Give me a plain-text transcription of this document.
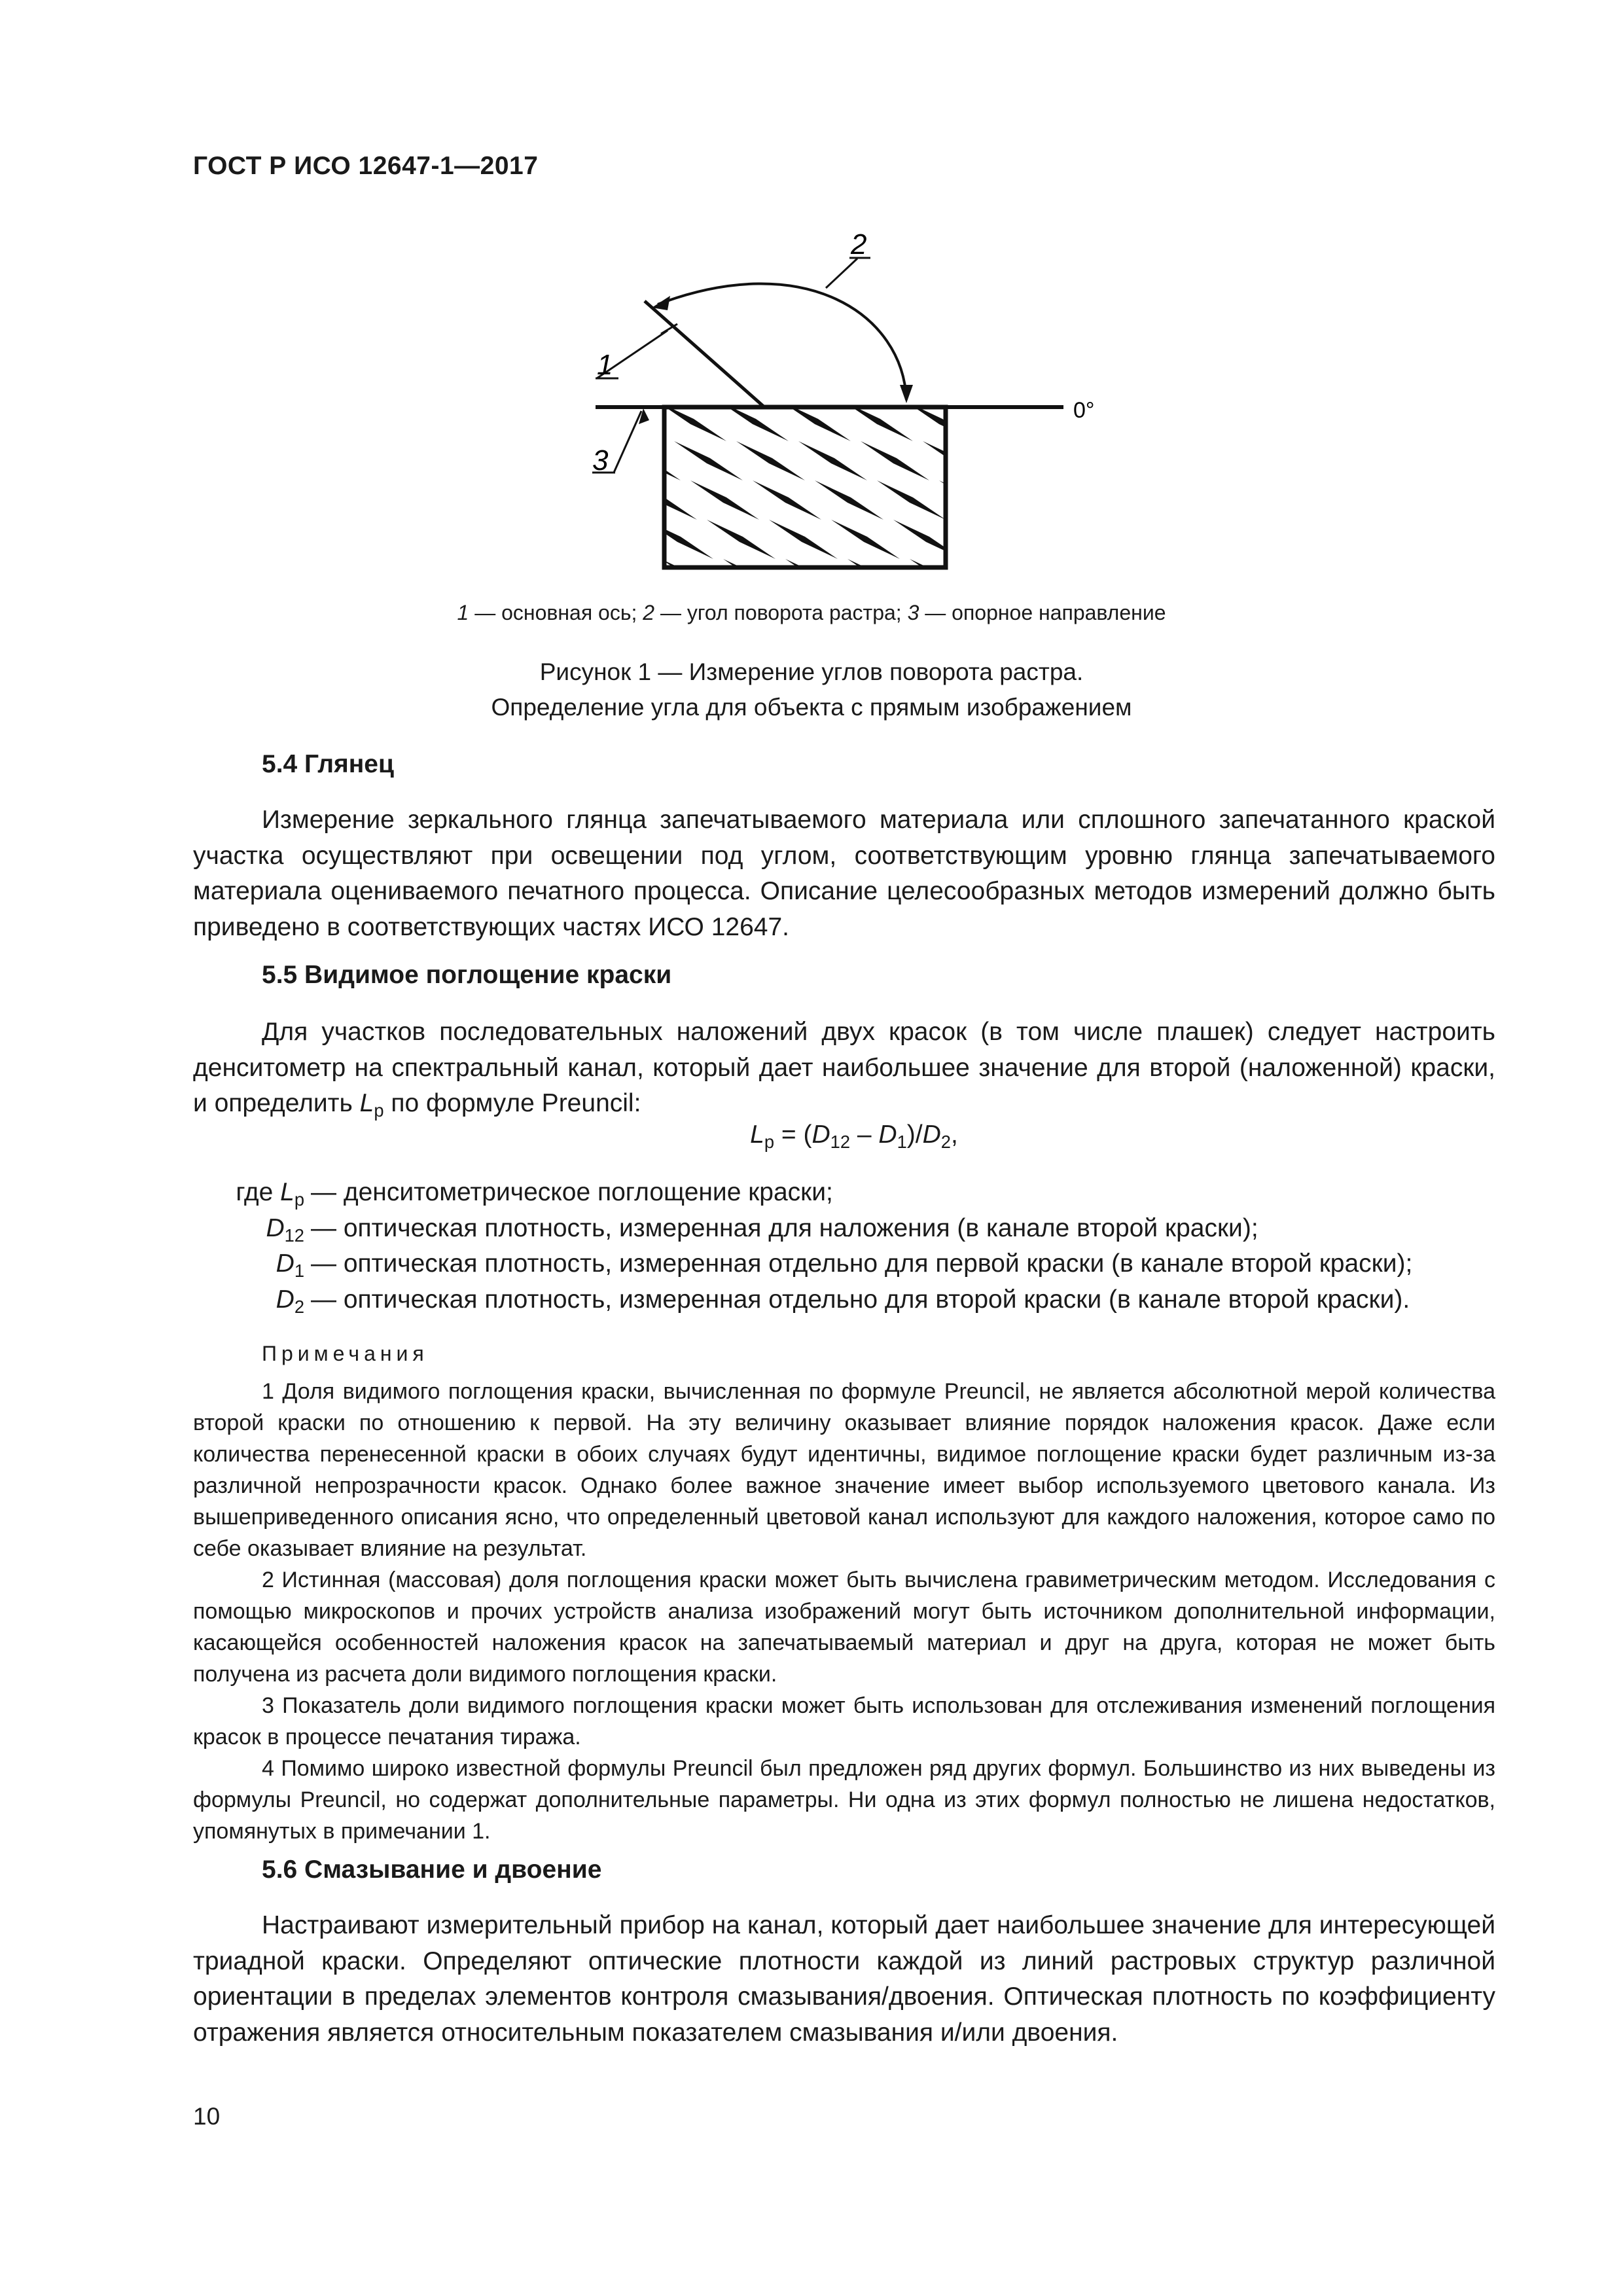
ГОСТ Р ИСО 12647-1—2017
1
2
3
0°
1 — основная ось; 2 — угол поворота растра; 3 — опорное направление
Рисунок 1 — Измерение углов поворота растра.
Определение угла для объекта с прямым изображением
5.4 Глянец
Измерение зеркального глянца запечатываемого материала или сплошного запечатанного краской участка осуществляют при освещении под углом, соответствующим уровню глянца запечатываемого материала оцениваемого печатного процесса. Описание целесообразных методов измерений должно быть приведено в соответствующих частях ИСО 12647.
5.5 Видимое поглощение краски
Для участков последовательных наложений двух красок (в том числе плашек) следует настроить денситометр на спектральный канал, который дает наибольшее значение для второй (наложенной) краски, и определить $L_p$ по формуле Preuncil:
$L_p = (D_{12} - D_1)/D_2$,
где $L_p$ — денситометрическое поглощение краски;
$D_{12}$ — оптическая плотность, измеренная для наложения (в канале второй краски);
$D_1$ — оптическая плотность, измеренная отдельно для первой краски (в канале второй краски);
$D_2$ — оптическая плотность, измеренная отдельно для второй краски (в канале второй краски).
Примечания
1 Доля видимого поглощения краски, вычисленная по формуле Preuncil, не является абсолютной мерой количества второй краски по отношению к первой. На эту величину оказывает влияние порядок наложения красок. Даже если количества перенесенной краски в обоих случаях будут идентичны, видимое поглощение краски будет различным из-за различной непрозрачности красок. Однако более важное значение имеет выбор используемого цветового канала. Из вышеприведенного описания ясно, что определенный цветовой канал используют для каждого наложения, которое само по себе оказывает влияние на результат.
2 Истинная (массовая) доля поглощения краски может быть вычислена гравиметрическим методом. Исследования с помощью микроскопов и прочих устройств анализа изображений могут быть источником дополнительной информации, касающейся особенностей наложения красок на запечатываемый материал и друг на друга, которая не может быть получена из расчета доли видимого поглощения краски.
3 Показатель доли видимого поглощения краски может быть использован для отслеживания изменений поглощения красок в процессе печатания тиража.
4 Помимо широко известной формулы Preuncil был предложен ряд других формул. Большинство из них выведены из формулы Preuncil, но содержат дополнительные параметры. Ни одна из этих формул полностью не лишена недостатков, упомянутых в примечании 1.
5.6 Смазывание и двоение
Настраивают измерительный прибор на канал, который дает наибольшее значение для интересующей триадной краски. Определяют оптические плотности каждой из линий растровых структур различной ориентации в пределах элементов контроля смазывания/двоения. Оптическая плотность по коэффициенту отражения является относительным показателем смазывания и/или двоения.
10
